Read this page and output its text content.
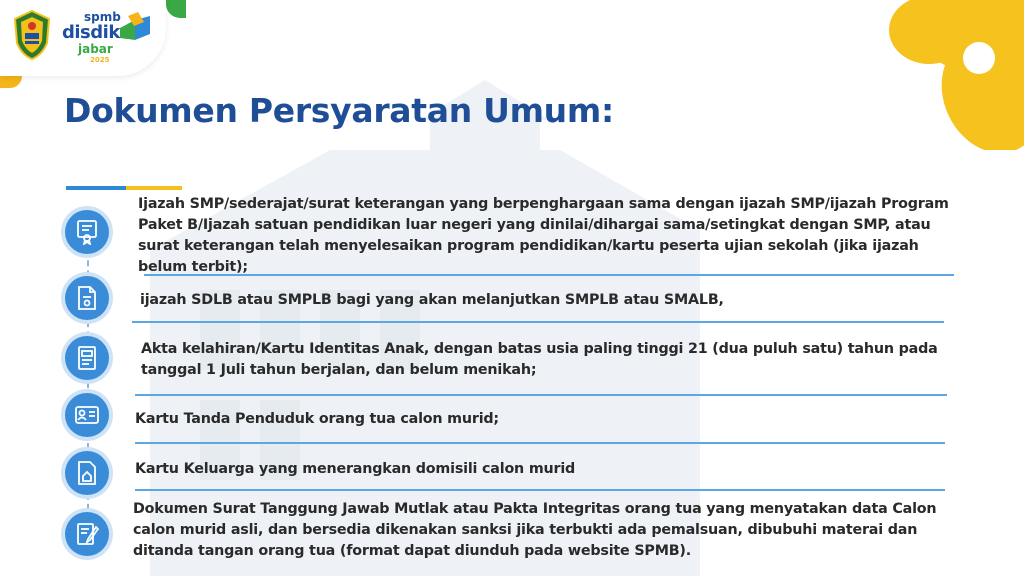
spmb
disdik
jabar
2025
Dokumen Persyaratan Umum:
Ijazah SMP/sederajat/surat keterangan yang berpenghargaan sama dengan ijazah SMP/ijazah Program Paket B/Ijazah satuan pendidikan luar negeri yang dinilai/dihargai sama/setingkat dengan SMP, atau surat keterangan telah menyelesaikan program pendidikan/kartu peserta ujian sekolah (jika ijazah belum terbit);
ijazah SDLB atau SMPLB bagi yang akan melanjutkan SMPLB atau SMALB,
Akta kelahiran/Kartu Identitas Anak, dengan batas usia paling tinggi 21 (dua puluh satu) tahun pada tanggal 1 Juli tahun berjalan, dan belum menikah;
Kartu Tanda Penduduk orang tua calon murid;
Kartu Keluarga yang menerangkan domisili calon murid
Dokumen Surat Tanggung Jawab Mutlak atau Pakta Integritas orang tua yang menyatakan data Calon calon murid asli, dan bersedia dikenakan sanksi jika terbukti ada pemalsuan, dibubuhi materai dan ditanda tangan orang tua (format dapat diunduh pada website SPMB).
